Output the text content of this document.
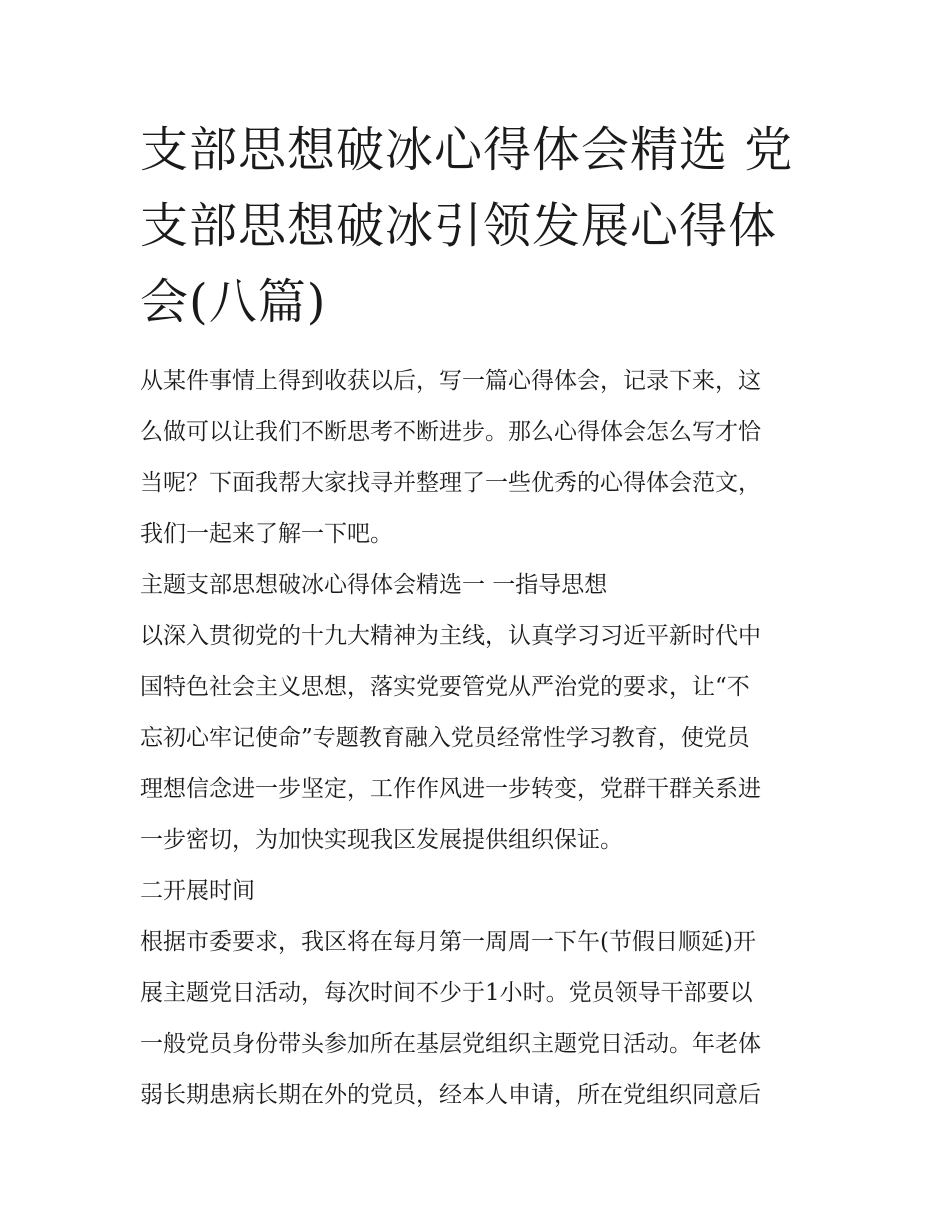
支部思想破冰心得体会精选 党
支部思想破冰引领发展心得体
会(八篇)

从某件事情上得到收获以后，写一篇心得体会，记录下来，这
么做可以让我们不断思考不断进步。那么心得体会怎么写才恰
当呢？下面我帮大家找寻并整理了一些优秀的心得体会范文，
我们一起来了解一下吧。

主题支部思想破冰心得体会精选一 一指导思想

以深入贯彻党的十九大精神为主线，认真学习习近平新时代中
国特色社会主义思想，落实党要管党从严治党的要求，让“不
忘初心牢记使命”专题教育融入党员经常性学习教育，使党员
理想信念进一步坚定，工作作风进一步转变，党群干群关系进
一步密切，为加快实现我区发展提供组织保证。

二开展时间

根据市委要求，我区将在每月第一周周一下午(节假日顺延)开
展主题党日活动，每次时间不少于1小时。党员领导干部要以
一般党员身份带头参加所在基层党组织主题党日活动。年老体
弱长期患病长期在外的党员，经本人申请，所在党组织同意后
